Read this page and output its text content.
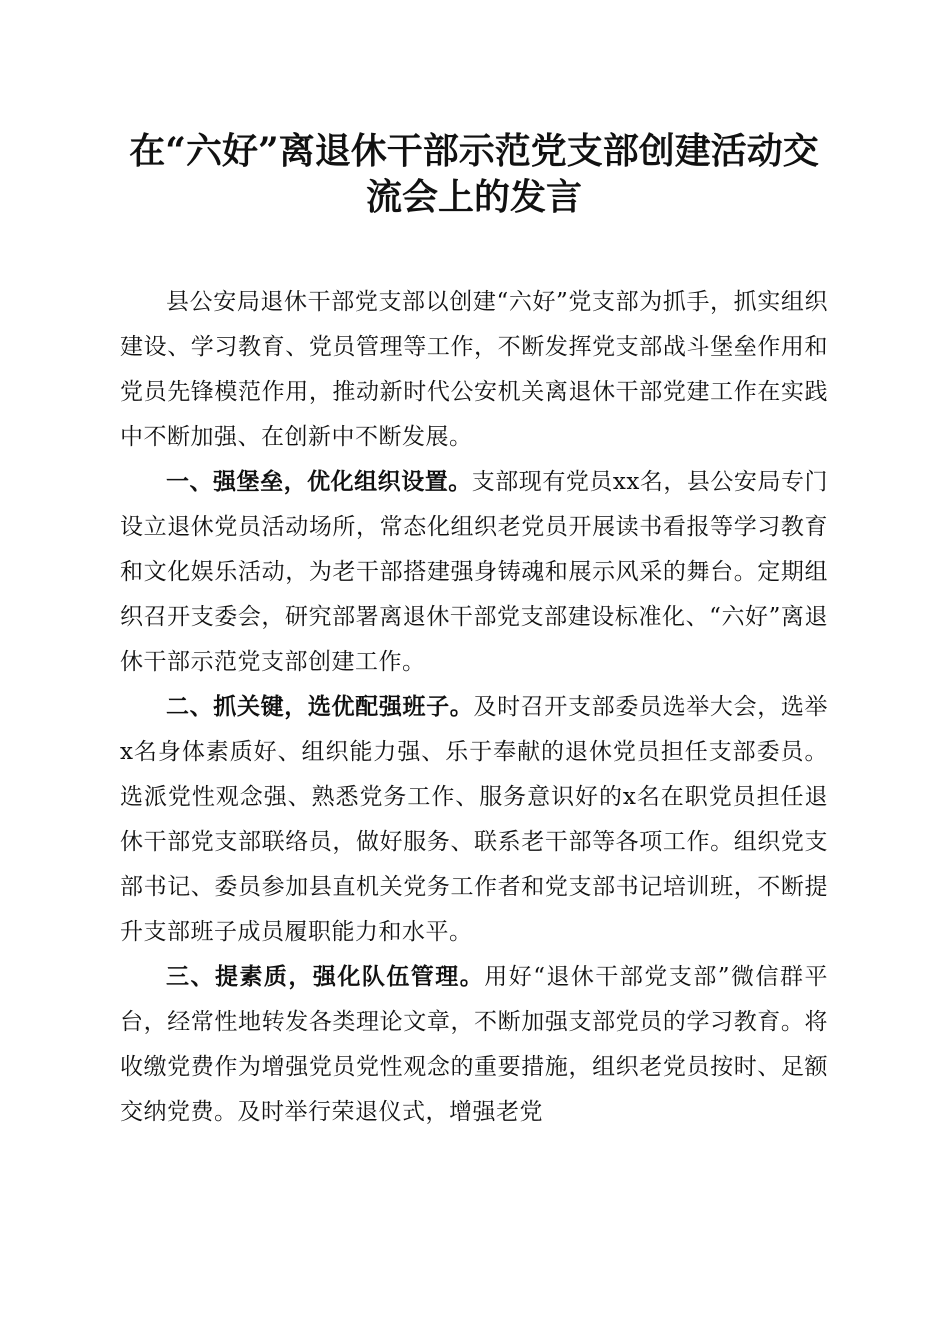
在“六好”离退休干部示范党支部创建活动交
流会上的发言

县公安局退休干部党支部以创建“六好”党支部为抓手，抓实组织建设、学习教育、党员管理等工作，不断发挥党支部战斗堡垒作用和党员先锋模范作用，推动新时代公安机关离退休干部党建工作在实践中不断加强、在创新中不断发展。

一、强堡垒，优化组织设置。支部现有党员xx名，县公安局专门设立退休党员活动场所，常态化组织老党员开展读书看报等学习教育和文化娱乐活动，为老干部搭建强身铸魂和展示风采的舞台。定期组织召开支委会，研究部署离退休干部党支部建设标准化、“六好”离退休干部示范党支部创建工作。

二、抓关键，选优配强班子。及时召开支部委员选举大会，选举x名身体素质好、组织能力强、乐于奉献的退休党员担任支部委员。选派党性观念强、熟悉党务工作、服务意识好的x名在职党员担任退休干部党支部联络员，做好服务、联系老干部等各项工作。组织党支部书记、委员参加县直机关党务工作者和党支部书记培训班，不断提升支部班子成员履职能力和水平。

三、提素质，强化队伍管理。用好“退休干部党支部”微信群平台，经常性地转发各类理论文章，不断加强支部党员的学习教育。将收缴党费作为增强党员党性观念的重要措施，组织老党员按时、足额交纳党费。及时举行荣退仪式，增强老党
